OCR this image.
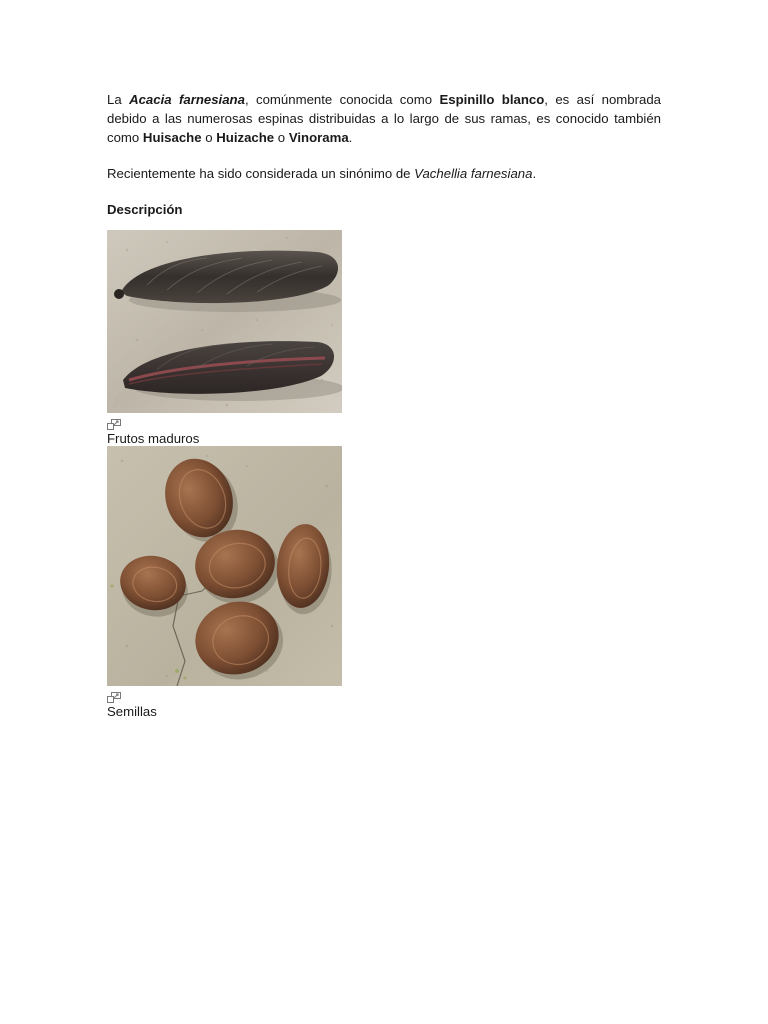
La Acacia farnesiana, comúnmente conocida como Espinillo blanco, es así nombrada debido a las numerosas espinas distribuidas a lo largo de sus ramas, es conocido también como Huisache o Huizache o Vinorama.

Recientemente ha sido considerada un sinónimo de Vachellia farnesiana.

Descripción
Frutos maduros
Semillas
